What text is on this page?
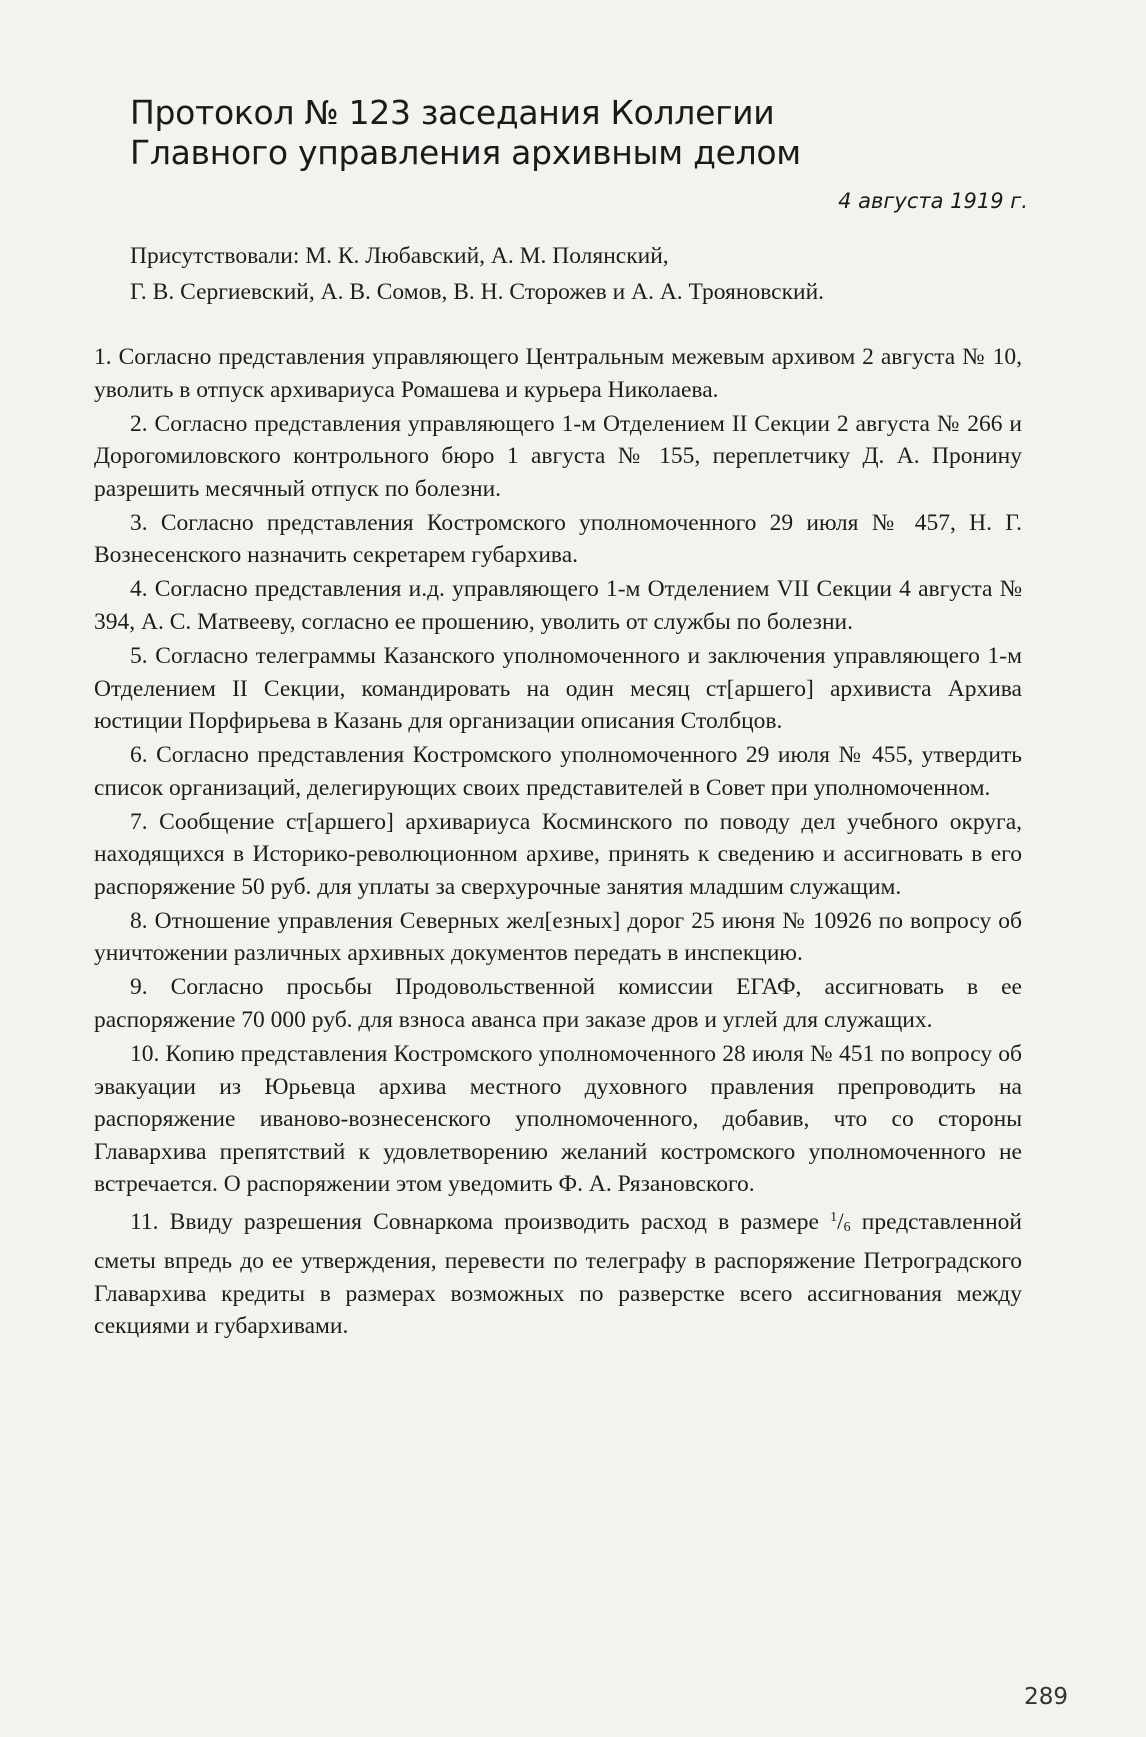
Протокол № 123 заседания Коллегии
Главного управления архивным делом
4 августа 1919 г.
Присутствовали: М. К. Любавский, А. М. Полянский,
Г. В. Сергиевский, А. В. Сомов, В. Н. Сторожев и А. А. Трояновский.

1. Согласно представления управляющего Центральным межевым архивом 2 августа № 10, уволить в отпуск архивариуса Ромашева и курьера Николаева.

2. Согласно представления управляющего 1-м Отделением II Секции 2 августа № 266 и Дорогомиловского контрольного бюро 1 августа № 155, переплетчику Д. А. Пронину разрешить месячный отпуск по болезни.

3. Согласно представления Костромского уполномоченного 29 июля № 457, Н. Г. Вознесенского назначить секретарем губархива.

4. Согласно представления и.д. управляющего 1-м Отделением VII Секции 4 августа № 394, А. С. Матвееву, согласно ее прошению, уволить от службы по болезни.

5. Согласно телеграммы Казанского уполномоченного и заключения управляющего 1-м Отделением II Секции, командировать на один месяц ст[аршего] архивиста Архива юстиции Порфирьева в Казань для организации описания Столбцов.

6. Согласно представления Костромского уполномоченного 29 июля № 455, утвердить список организаций, делегирующих своих представителей в Совет при уполномоченном.

7. Сообщение ст[аршего] архивариуса Косминского по поводу дел учебного округа, находящихся в Историко-революционном архиве, принять к сведению и ассигновать в его распоряжение 50 руб. для уплаты за сверхурочные занятия младшим служащим.

8. Отношение управления Северных жел[езных] дорог 25 июня № 10926 по вопросу об уничтожении различных архивных документов передать в инспекцию.

9. Согласно просьбы Продовольственной комиссии ЕГАФ, ассигновать в ее распоряжение 70 000 руб. для взноса аванса при заказе дров и углей для служащих.

10. Копию представления Костромского уполномоченного 28 июля № 451 по вопросу об эвакуации из Юрьевца архива местного духовного правления препроводить на распоряжение иваново-вознесенского уполномоченного, добавив, что со стороны Главархива препятствий к удовлетворению желаний костромского уполномоченного не встречается. О распоряжении этом уведомить Ф. А. Рязановского.

11. Ввиду разрешения Совнаркома производить расход в размере $^1/_6$ представленной сметы впредь до ее утверждения, перевести по телеграфу в распоряжение Петроградского Главархива кредиты в размерах возможных по разверстке всего ассигнования между секциями и губархивами.

289
